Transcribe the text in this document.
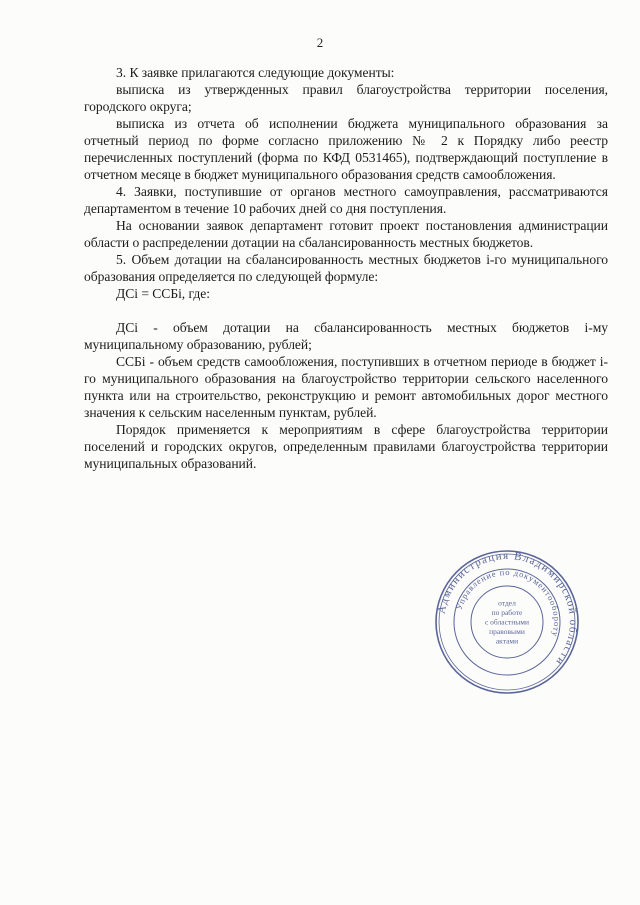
2

3. К заявке прилагаются следующие документы:

выписка из утвержденных правил благоустройства территории поселения, городского округа;

выписка из отчета об исполнении бюджета муниципального образования за отчетный период по форме согласно приложению № 2 к Порядку либо реестр перечисленных поступлений (форма по КФД 0531465), подтверждающий поступление в отчетном месяце в бюджет муниципального образования средств самообложения.

4. Заявки, поступившие от органов местного самоуправления, рассматриваются департаментом в течение 10 рабочих дней со дня поступления.

На основании заявок департамент готовит проект постановления администрации области о распределении дотации на сбалансированность местных бюджетов.

5. Объем дотации на сбалансированность местных бюджетов i-го муниципального образования определяется по следующей формуле:

ДСi = ССБi, где:

ДСi - объем дотации на сбалансированность местных бюджетов i-му муниципальному образованию, рублей;

ССБi - объем средств самообложения, поступивших в отчетном периоде в бюджет i-го муниципального образования на благоустройство территории сельского населенного пункта или на строительство, реконструкцию и ремонт автомобильных дорог местного значения к сельским населенным пунктам, рублей.

Порядок применяется к мероприятиям в сфере благоустройства территории поселений и городских округов, определенным правилами благоустройства территории муниципальных образований.

Администрация Владимирской области
Управление по документообороту
отдел
по работе
с областными
правовыми
актами
